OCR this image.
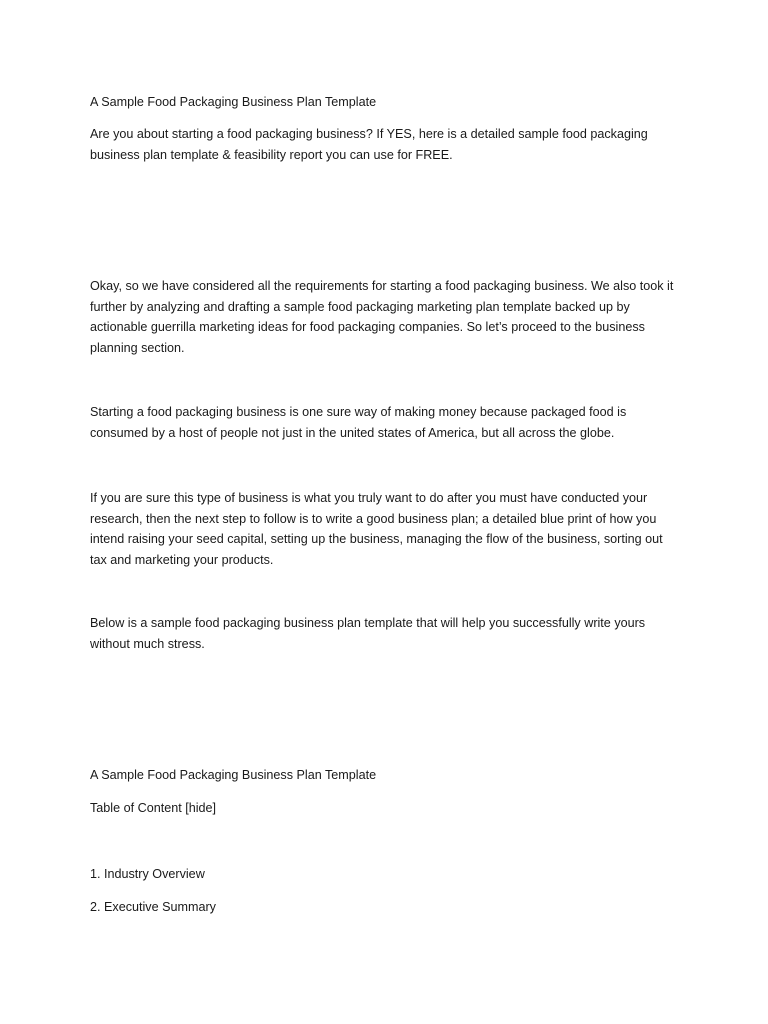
A Sample Food Packaging Business Plan Template

Are you about starting a food packaging business? If YES, here is a detailed sample food packaging business plan template & feasibility report you can use for FREE.

Okay, so we have considered all the requirements for starting a food packaging business. We also took it further by analyzing and drafting a sample food packaging marketing plan template backed up by actionable guerrilla marketing ideas for food packaging companies. So let’s proceed to the business planning section.

Starting a food packaging business is one sure way of making money because packaged food is consumed by a host of people not just in the united states of America, but all across the globe.

If you are sure this type of business is what you truly want to do after you must have conducted your research, then the next step to follow is to write a good business plan; a detailed blue print of how you intend raising your seed capital, setting up the business, managing the flow of the business, sorting out tax and marketing your products.

Below is a sample food packaging business plan template that will help you successfully write yours without much stress.

A Sample Food Packaging Business Plan Template

Table of Content [hide]

1. Industry Overview

2. Executive Summary
